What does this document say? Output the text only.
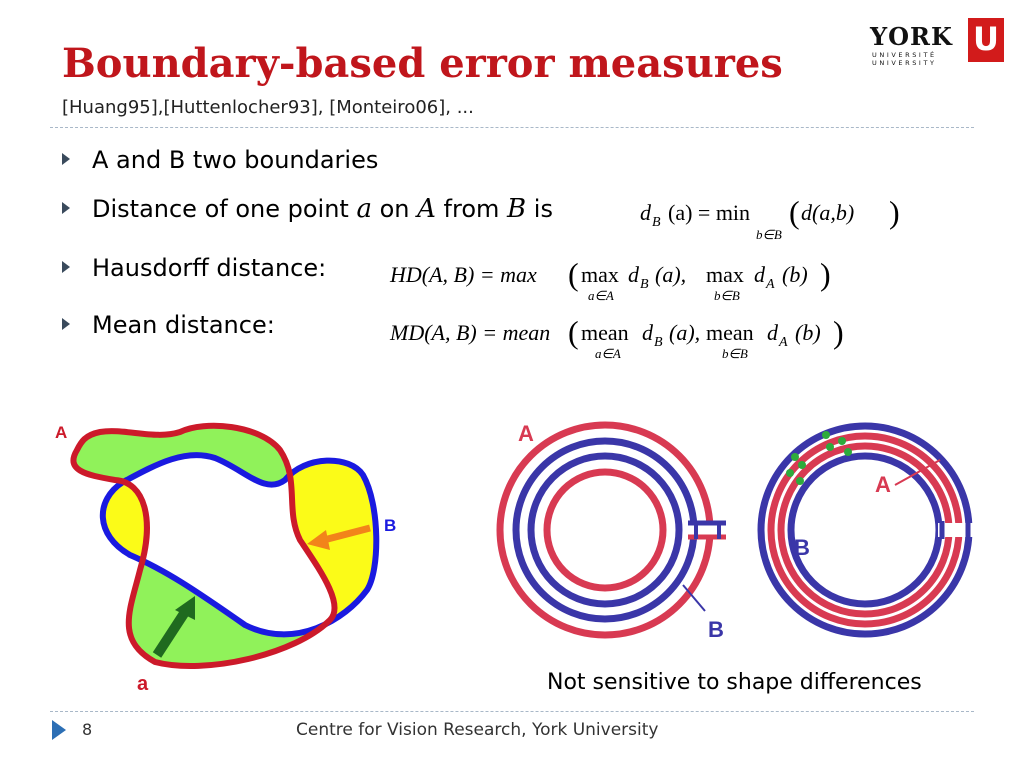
Boundary-based error measures
[Huang95],[Huttenlocher93], [Monteiro06], ...
YORK
UNIVERSITÉ
UNIVERSITY
U
A and B two boundaries
Distance of one point a on A from B is
Hausdorff distance:
Mean distance:
d B (a) = min
b∈B
( d(a,b) )
HD(A, B) = max ( max
a∈A
d B (a), max
b∈B
d A (b) )
MD(A, B) = mean ( mean
a∈A
d B (a), mean
b∈B
d A (b) )
A
B
a
A
B
A
B
Not sensitive to shape differences
8	Centre for Vision Research, York University
